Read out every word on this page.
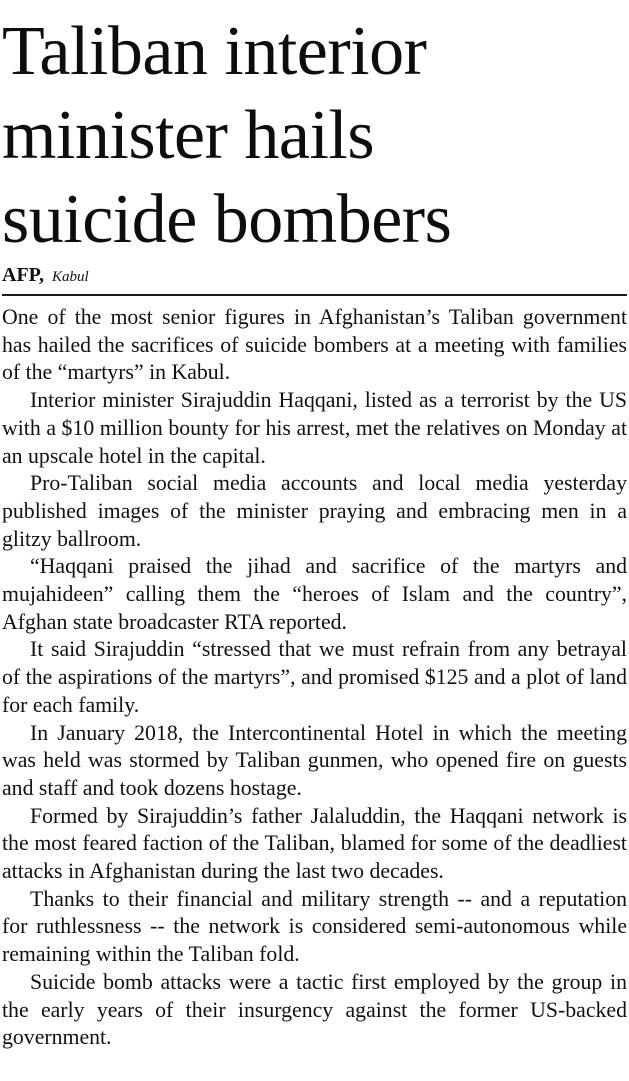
Taliban interior
minister hails
suicide bombers
AFP, Kabul

One of the most senior figures in Afghanistan’s Taliban government has hailed the sacrifices of suicide bombers at a meeting with families of the “martyrs” in Kabul.

Interior minister Sirajuddin Haqqani, listed as a terrorist by the US with a $10 million bounty for his arrest, met the relatives on Monday at an upscale hotel in the capital.

Pro-Taliban social media accounts and local media yesterday published images of the minister praying and embracing men in a glitzy ballroom.

“Haqqani praised the jihad and sacrifice of the martyrs and mujahideen” calling them the “heroes of Islam and the country”, Afghan state broadcaster RTA reported.

It said Sirajuddin “stressed that we must refrain from any betrayal of the aspirations of the martyrs”, and promised $125 and a plot of land for each family.

In January 2018, the Intercontinental Hotel in which the meeting was held was stormed by Taliban gunmen, who opened fire on guests and staff and took dozens hostage.

Formed by Sirajuddin’s father Jalaluddin, the Haqqani network is the most feared faction of the Taliban, blamed for some of the deadliest attacks in Afghanistan during the last two decades.

Thanks to their financial and military strength -- and a reputation for ruthlessness -- the network is considered semi-autonomous while remaining within the Taliban fold.

Suicide bomb attacks were a tactic first employed by the group in the early years of their insurgency against the former US-backed government.
